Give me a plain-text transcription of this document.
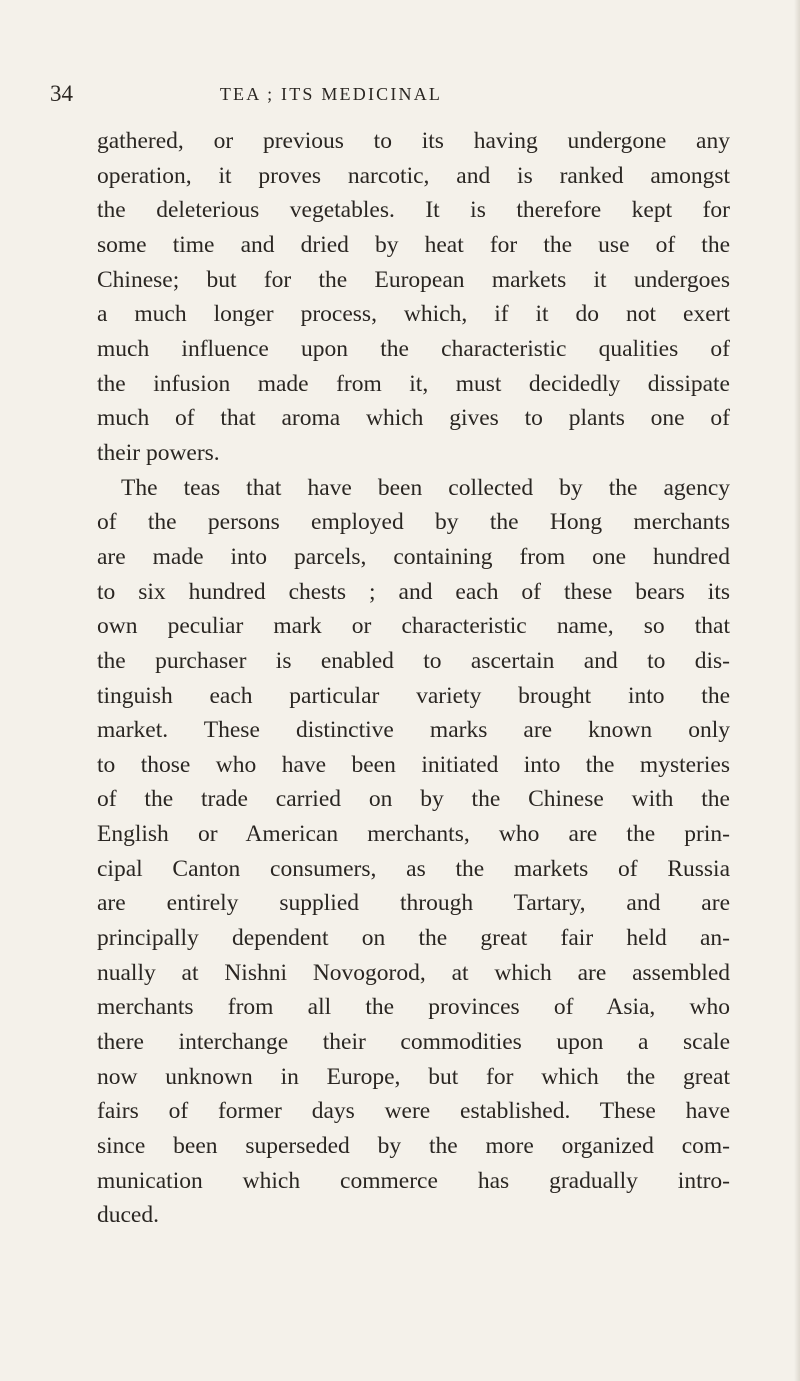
34	TEA ; ITS MEDICINAL

gathered, or previous to its having undergone any
operation, it proves narcotic, and is ranked amongst
the deleterious vegetables. It is therefore kept for
some time and dried by heat for the use of the
Chinese; but for the European markets it undergoes
a much longer process, which, if it do not exert
much influence upon the characteristic qualities of
the infusion made from it, must decidedly dissipate
much of that aroma which gives to plants one of
their powers.

The teas that have been collected by the agency
of the persons employed by the Hong merchants
are made into parcels, containing from one hundred
to six hundred chests ; and each of these bears its
own peculiar mark or characteristic name, so that
the purchaser is enabled to ascertain and to dis-
tinguish each particular variety brought into the
market. These distinctive marks are known only
to those who have been initiated into the mysteries
of the trade carried on by the Chinese with the
English or American merchants, who are the prin-
cipal Canton consumers, as the markets of Russia
are entirely supplied through Tartary, and are
principally dependent on the great fair held an-
nually at Nishni Novogorod, at which are assembled
merchants from all the provinces of Asia, who
there interchange their commodities upon a scale
now unknown in Europe, but for which the great
fairs of former days were established. These have
since been superseded by the more organized com-
munication which commerce has gradually intro-
duced.
